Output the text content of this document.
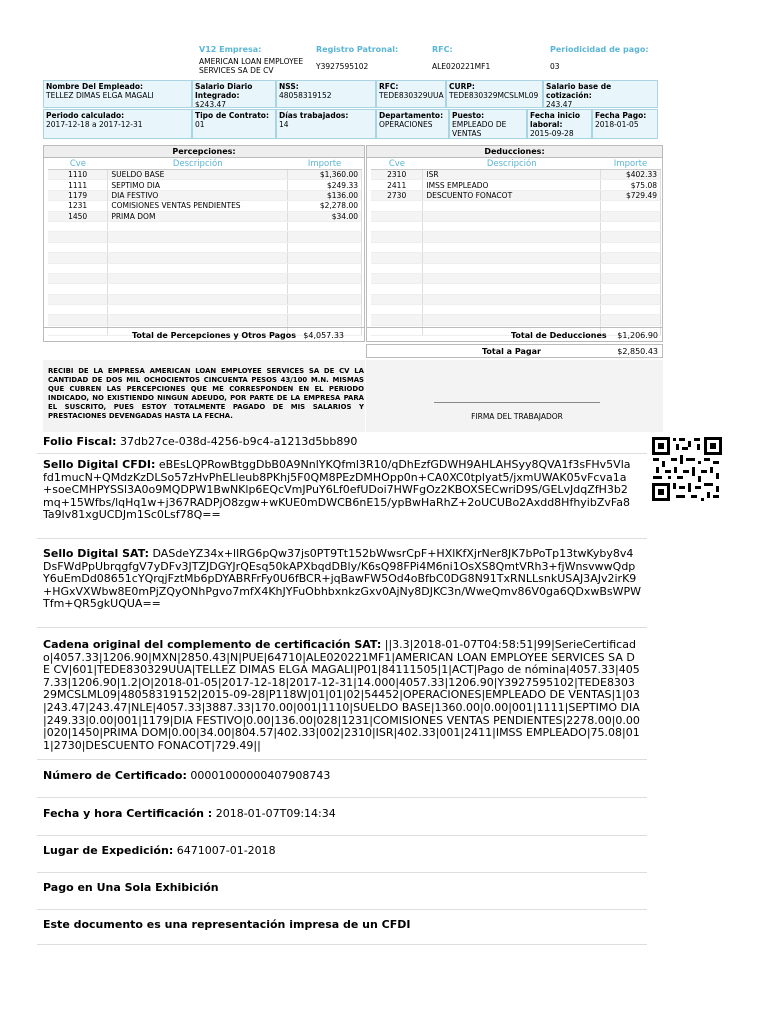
V12 Empresa:
AMERICAN LOAN EMPLOYEE SERVICES SA DE CV
Registro Patronal:
Y3927595102
RFC:
ALE020221MF1
Periodicidad de pago:
03
Nombre Del Empleado:
TELLEZ DIMAS ELGA MAGALI
Salario Diario Integrado:
$243.47
NSS:
48058319152
RFC:
TEDE830329UUA
CURP:
TEDE830329MCSLML09
Salario base de cotización:
243.47
Periodo calculado:
2017-12-18 a 2017-12-31
Tipo de Contrato:
01
Días trabajados:
14
Departamento:
OPERACIONES
Puesto:
EMPLEADO DE VENTAS
Fecha inicio laboral:
2015-09-28
Fecha Pago:
2018-01-05
Percepciones:
Cve	Descripción	Importe
1110	SUELDO BASE	$1,360.00
1111	SEPTIMO DIA	$249.33
1179	DIA FESTIVO	$136.00
1231	COMISIONES VENTAS PENDIENTES	$2,278.00
1450	PRIMA DOM	$34.00

Total de Percepciones y Otros Pagos $4,057.33
Deducciones:
Cve	Descripción	Importe
2310	ISR	$402.33
2411	IMSS EMPLEADO	$75.08
2730	DESCUENTO FONACOT	$729.49

Total de Deducciones $1,206.90
Total a Pagar	$2,850.43
RECIBI DE LA EMPRESA AMERICAN LOAN EMPLOYEE SERVICES SA DE CV LA CANTIDAD DE DOS MIL OCHOCIENTOS CINCUENTA PESOS 43/100 M.N. MISMAS QUE CUBREN LAS PERCEPCIONES QUE ME CORRESPONDEN EN EL PERIODO INDICADO, NO EXISTIENDO NINGUN ADEUDO, POR PARTE DE LA EMPRESA PARA EL SUSCRITO, PUES ESTOY TOTALMENTE PAGADO DE MIS SALARIOS Y PRESTACIONES DEVENGADAS HASTA LA FECHA.	FIRMA DEL TRABAJADOR
Folio Fiscal: 37db27ce-038d-4256-b9c4-a1213d5bb890
Sello Digital CFDI: eBEsLQPRowBtggDbB0A9NnlYKQfml3R10/qDhEzfGDWH9AHLAHSyy8QVA1f3sFHv5Vlafd1mucN+QMdzKzDLSo57zHvPhELleub8PKhj5F0QM8PEzDMHOpp0n+CA0XC0tplyat5/jxmUWAK05vFcva1a+soeCMHPYSSl3A0o9MQDPW1BwNKlp6EQcVmJPuY6Lf0efUDoi7HWFgOz2KBOXSECwriD9S/GELvJdqZfH3b2mq+15Wfbs/lqHq1w+j367RADPjO8zgw+wKUE0mDWCB6nE15/ypBwHaRhZ+2oUCUBo2Axdd8HfhyibZvFa8Ta9lv81xgUCDJm1Sc0Lsf78Q==
Sello Digital SAT: DASdeYZ34x+llRG6pQw37js0PT9Tt152bWwsrCpF+HXlKfXjrNer8JK7bPoTp13twKyby8v4DsFWdPpUbrqgfgV7yDFv3JTZJDGYJrQEsq50kAPXbqdDBly/K6sQ98FPi4M6ni1OsXS8QmtVRh3+fjWnsvwwQdpY6uEmDd08651cYQrqjFztMb6pDYABRFrFy0U6fBCR+jqBawFW5Od4oBfbC0DG8N91TxRNLLsnkUSAJ3AJv2irK9+HGxVXWbw8E0mPjZQyONhPgvo7mfX4KhJYFuObhbxnkzGxv0AjNy8DJKC3n/WweQmv86V0ga6QDxwBsWPWTfm+QR5gkUQUA==
Cadena original del complemento de certificación SAT: ||3.3|2018-01-07T04:58:51|99|SerieCertificado|4057.33|1206.90|MXN|2850.43|N|PUE|64710|ALE020221MF1|AMERICAN LOAN EMPLOYEE SERVICES SA DE CV|601|TEDE830329UUA|TELLEZ DIMAS ELGA MAGALI|P01|84111505|1|ACT|Pago de nómina|4057.33|4057.33|1206.90|1.2|O|2018-01-05|2017-12-18|2017-12-31|14.000|4057.33|1206.90|Y3927595102|TEDE830329MCSLML09|48058319152|2015-09-28|P118W|01|01|02|54452|OPERACIONES|EMPLEADO DE VENTAS|1|03|243.47|243.47|NLE|4057.33|3887.33|170.00|001|1110|SUELDO BASE|1360.00|0.00|001|1111|SEPTIMO DIA|249.33|0.00|001|1179|DIA FESTIVO|0.00|136.00|028|1231|COMISIONES VENTAS PENDIENTES|2278.00|0.00|020|1450|PRIMA DOM|0.00|34.00|804.57|402.33|002|2310|ISR|402.33|001|2411|IMSS EMPLEADO|75.08|011|2730|DESCUENTO FONACOT|729.49||
Número de Certificado: 00001000000407908743
Fecha y hora Certificación : 2018-01-07T09:14:34
Lugar de Expedición: 6471007-01-2018
Pago en Una Sola Exhibición
Este documento es una representación impresa de un CFDI
